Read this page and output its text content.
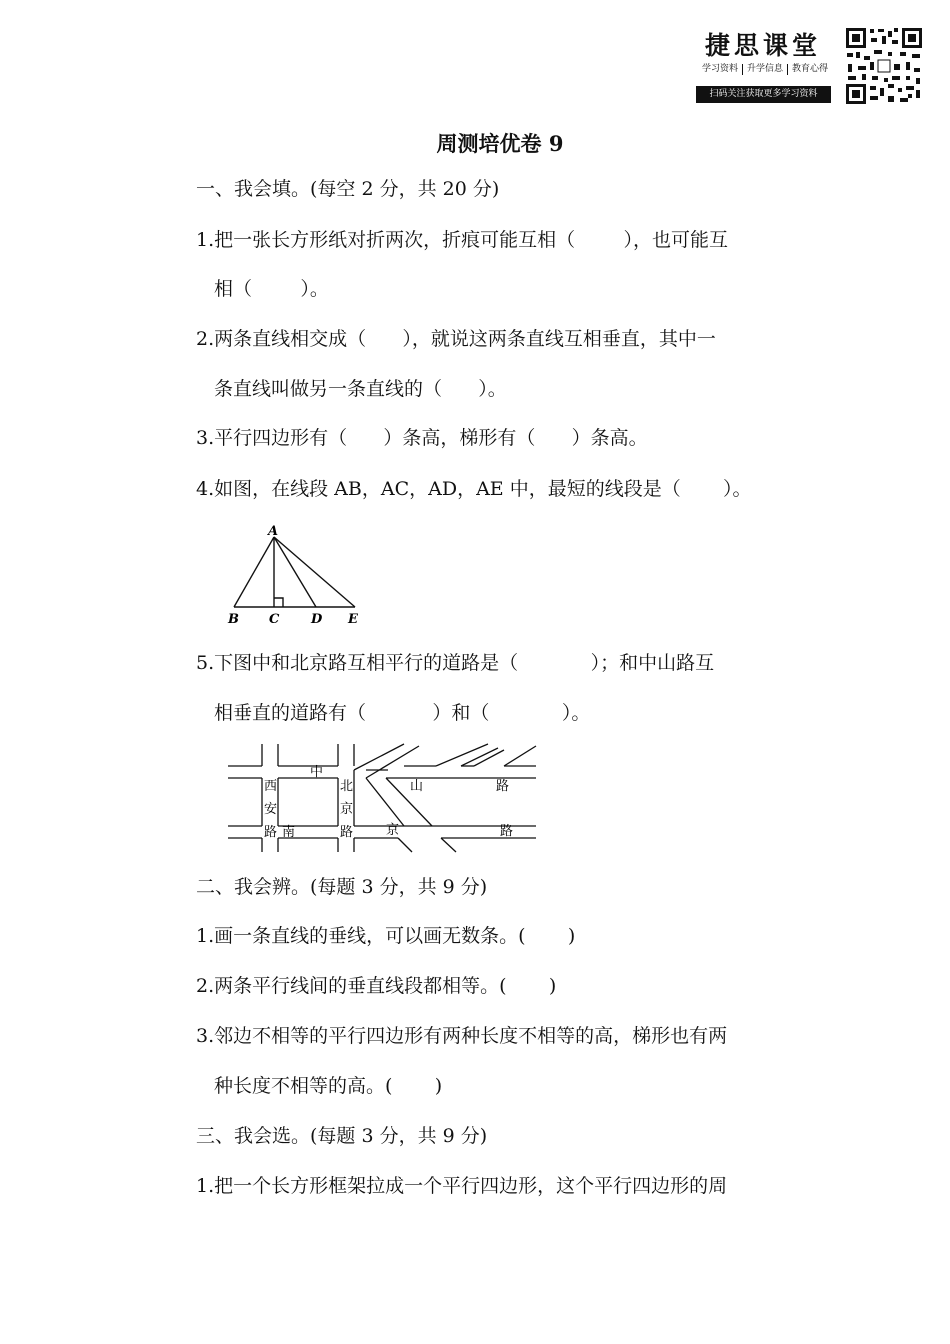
捷思课堂
学习资料	升学信息	教育心得
扫码关注获取更多学习资料
周测培优卷 9
一、我会填。(每空 2 分，共 20 分)
1.把一张长方形纸对折两次，折痕可能互相（        ），也可能互
相（        ）。
2.两条直线相交成（      ），就说这两条直线互相垂直，其中一
条直线叫做另一条直线的（      ）。
3.平行四边形有（      ）条高，梯形有（      ）条高。
4.如图，在线段 AB，AC，AD，AE 中，最短的线段是（       ）。
A
B C D E
5.下图中和北京路互相平行的道路是（            ）；和中山路互
相垂直的道路有（           ）和（            ）。
西
安
路 南
中
北
京
路
山	路
京	路
二、我会辨。(每题 3 分，共 9 分)
1.画一条直线的垂线，可以画无数条。(       )
2.两条平行线间的垂直线段都相等。(       )
3.邻边不相等的平行四边形有两种长度不相等的高，梯形也有两
种长度不相等的高。(       )
三、我会选。(每题 3 分，共 9 分)
1.把一个长方形框架拉成一个平行四边形，这个平行四边形的周
